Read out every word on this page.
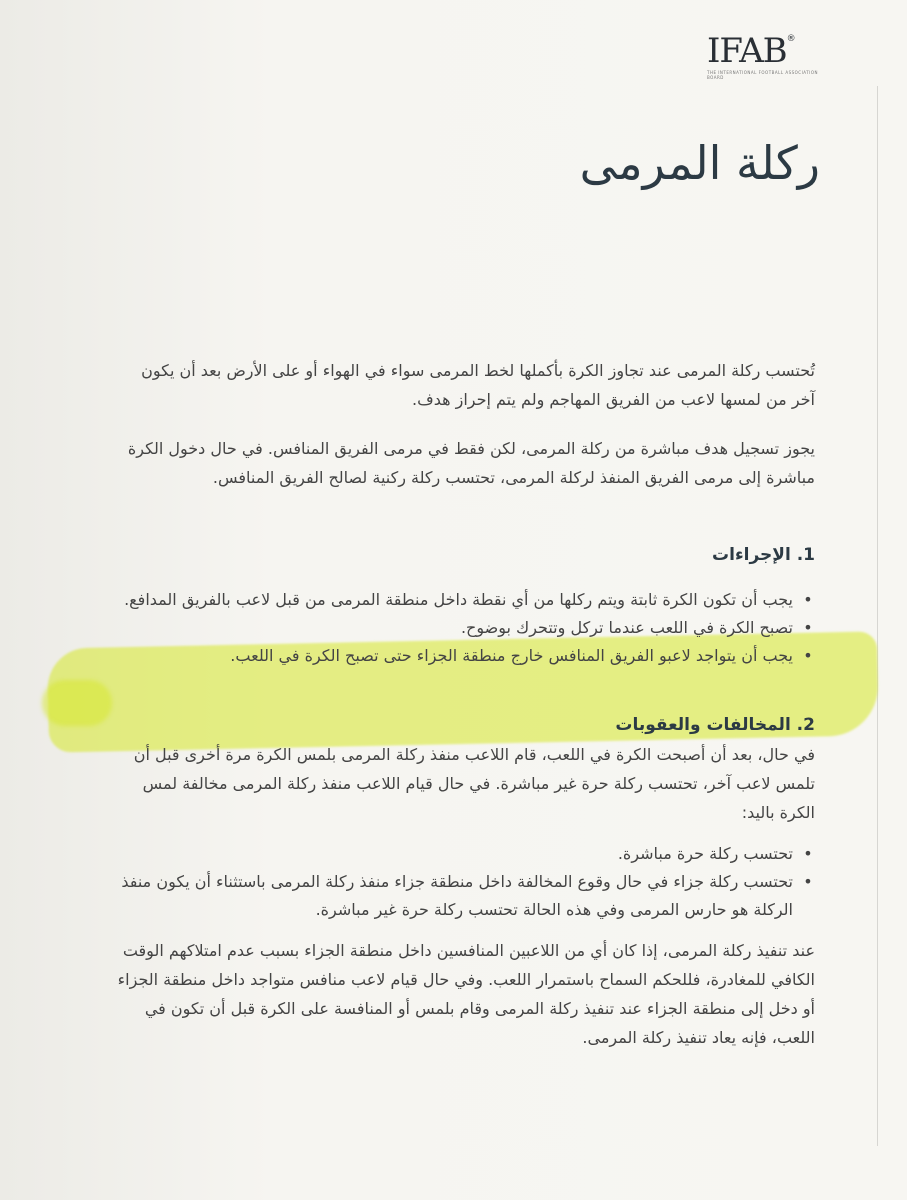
IFAB®
THE INTERNATIONAL FOOTBALL ASSOCIATION BOARD
ركلة المرمى

تُحتسب ركلة المرمى عند تجاوز الكرة بأكملها لخط المرمى سواء في الهواء أو على الأرض بعد أن يكون آخر من لمسها لاعب من الفريق المهاجم ولم يتم إحراز هدف.

يجوز تسجيل هدف مباشرة من ركلة المرمى، لكن فقط في مرمى الفريق المنافس. في حال دخول الكرة مباشرة إلى مرمى الفريق المنفذ لركلة المرمى، تحتسب ركلة ركنية لصالح الفريق المنافس.

1. الإجراءات
•
يجب أن تكون الكرة ثابتة ويتم ركلها من أي نقطة داخل منطقة المرمى من قبل لاعب بالفريق المدافع.
•
تصبح الكرة في اللعب عندما تركل وتتحرك بوضوح.
•
يجب أن يتواجد لاعبو الفريق المنافس خارج منطقة الجزاء حتى تصبح الكرة في اللعب.
2. المخالفات والعقوبات

في حال، بعد أن أصبحت الكرة في اللعب، قام اللاعب منفذ ركلة المرمى بلمس الكرة مرة أخرى قبل أن تلمس لاعب آخر، تحتسب ركلة حرة غير مباشرة. في حال قيام اللاعب منفذ ركلة المرمى مخالفة لمس الكرة باليد:

•
تحتسب ركلة حرة مباشرة.
•
تحتسب ركلة جزاء في حال وقوع المخالفة داخل منطقة جزاء منفذ ركلة المرمى باستثناء أن يكون منفذ الركلة هو حارس المرمى وفي هذه الحالة تحتسب ركلة حرة غير مباشرة.

عند تنفيذ ركلة المرمى، إذا كان أي من اللاعبين المنافسين داخل منطقة الجزاء بسبب عدم امتلاكهم الوقت الكافي للمغادرة، فللحكم السماح باستمرار اللعب. وفي حال قيام لاعب منافس متواجد داخل منطقة الجزاء أو دخل إلى منطقة الجزاء عند تنفيذ ركلة المرمى وقام بلمس أو المنافسة على الكرة قبل أن تكون في اللعب، فإنه يعاد تنفيذ ركلة المرمى.
